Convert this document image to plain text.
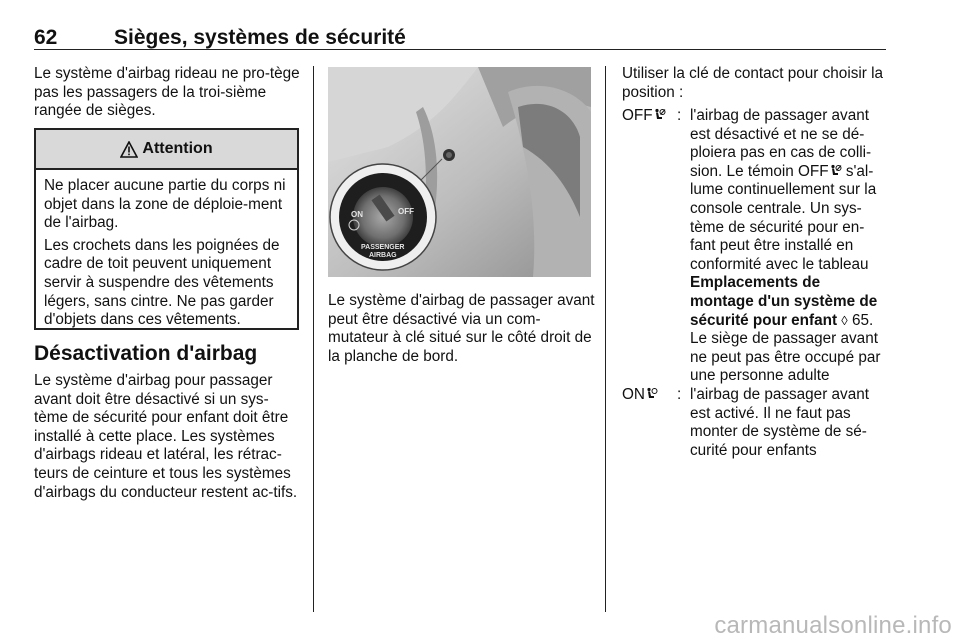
62	Sièges, systèmes de sécurité

Le système d'airbag rideau ne pro-tège pas les passagers de la troi-sième rangée de sièges.

Attention

Ne placer aucune partie du corps ni objet dans la zone de déploie-ment de l'airbag.

Les crochets dans les poignées de cadre de toit peuvent uniquement servir à suspendre des vêtements légers, sans cintre. Ne pas garder d'objets dans ces vêtements.

Désactivation d'airbag

Le système d'airbag pour passager avant doit être désactivé si un sys-tème de sécurité pour enfant doit être installé à cette place. Les systèmes d'airbags rideau et latéral, les rétrac-teurs de ceinture et tous les systèmes d'airbags du conducteur restent ac-tifs.

ON	OFF
PASSENGER
AIRBAG

Le système d'airbag de passager avant peut être désactivé via un com-mutateur à clé situé sur le côté droit de la planche de bord.

Utiliser la clé de contact pour choisir la position :

OFF	: l'airbag de passager avant est désactivé et ne se dé-ploiera pas en cas de colli-sion. Le témoin OFF s'al-lume continuellement sur la console centrale. Un sys-tème de sécurité pour en-fant peut être installé en conformité avec le tableau Emplacements de montage d'un système de sécurité pour enfant ◊ 65. Le siège de passager avant ne peut pas être occupé par une personne adulte
ON	: l'airbag de passager avant est activé. Il ne faut pas monter de système de sé-curité pour enfants
carmanualsonline.info
